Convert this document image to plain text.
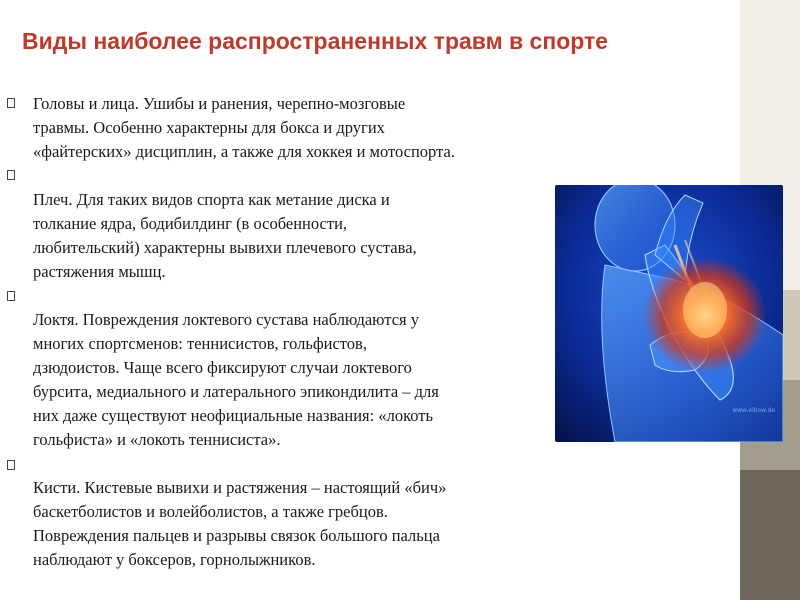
Виды наиболее распространенных травм в спорте

Головы и лица. Ушибы и ранения, черепно-мозговые
травмы. Особенно характерны для бокса и других
«файтерских» дисциплин, а также для хоккея и мотоспорта.

Плеч. Для таких видов спорта как метание диска и
толкание ядра, бодибилдинг (в особенности,
любительский) характерны вывихи плечевого сустава,
растяжения мышц.

Локтя. Повреждения локтевого сустава наблюдаются у
многих спортсменов: теннисистов, гольфистов,
дзюдоистов. Чаще всего фиксируют случаи локтевого
бурсита, медиального и латерального эпикондилита – для
них даже существуют неофициальные названия: «локоть
гольфиста» и «локоть теннисиста».

Кисти. Кистевые вывихи и растяжения – настоящий «бич»
баскетболистов и волейболистов, а также гребцов.
Повреждения пальцев и разрывы связок большого пальца
наблюдают у боксеров, горнолыжников.

www.elbow.de
